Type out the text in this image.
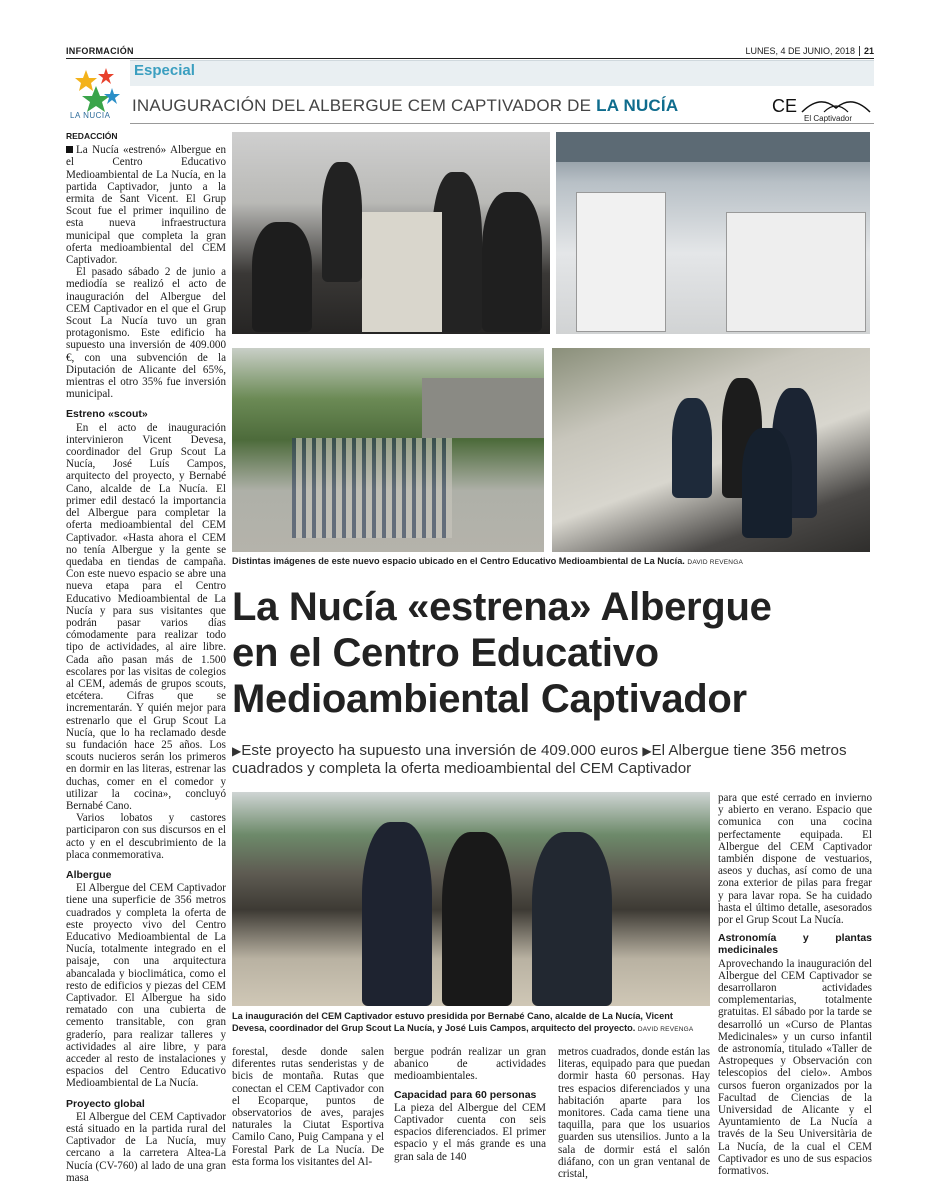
INFORMACIÓN	LUNES, 4 DE JUNIO, 2018	21
Especial
LA NUCIA
INAUGURACIÓN DEL ALBERGUE CEM CAPTIVADOR DE LA NUCÍA	CE
El Captivador
REDACCIÓN

La Nucía «estrenó» Albergue en el Centro Educativo Medioambiental de La Nucía, en la partida Captivador, junto a la ermita de Sant Vicent. El Grup Scout fue el primer inquilino de esta nueva infraestructura municipal que completa la gran oferta medioambiental del CEM Captivador.

El pasado sábado 2 de junio a mediodía se realizó el acto de inauguración del Albergue del CEM Captivador en el que el Grup Scout La Nucía tuvo un gran protagonismo. Este edificio ha supuesto una inversión de 409.000 €, con una subvención de la Diputación de Alicante del 65%, mientras el otro 35% fue inversión municipal.

Estreno «scout»

En el acto de inauguración intervinieron Vicent Devesa, coordinador del Grup Scout La Nucía, José Luís Campos, arquitecto del proyecto, y Bernabé Cano, alcalde de La Nucía. El primer edil destacó la importancia del Albergue para completar la oferta medioambiental del CEM Captivador. «Hasta ahora el CEM no tenía Albergue y la gente se quedaba en tiendas de campaña. Con este nuevo espacio se abre una nueva etapa para el Centro Educativo Medioambiental de La Nucía y para sus visitantes que podrán pasar varios días cómodamente para realizar todo tipo de actividades, al aire libre. Cada año pasan más de 1.500 escolares por las visitas de colegios al CEM, además de grupos scouts, etcétera. Cifras que se incrementarán. Y quién mejor para estrenarlo que el Grup Scout La Nucía, que lo ha reclamado desde su fundación hace 25 años. Los scouts nucieros serán los primeros en dormir en las literas, estrenar las duchas, comer en el comedor y utilizar la cocina», concluyó Bernabé Cano.

Varios lobatos y castores participaron con sus discursos en el acto y en el descubrimiento de la placa conmemorativa.

Albergue

El Albergue del CEM Captivador tiene una superficie de 356 metros cuadrados y completa la oferta de este proyecto vivo del Centro Educativo Medioambiental de La Nucía, totalmente integrado en el paisaje, con una arquitectura abancalada y bioclimática, como el resto de edificios y piezas del CEM Captivador. El Albergue ha sido rematado con una cubierta de cemento transitable, con gran graderío, para realizar talleres y actividades al aire libre, y para acceder al resto de instalaciones y espacios del Centro Educativo Medioambiental de La Nucía.

Proyecto global

El Albergue del CEM Captivador está situado en la partida rural del Captivador de La Nucía, muy cercano a la carretera Altea-La Nucía (CV-760) al lado de una gran masa

Distintas imágenes de este nuevo espacio ubicado en el Centro Educativo Medioambiental de La Nucía. DAVID REVENGA
La Nucía «estrena» Albergue
en el Centro Educativo
Medioambiental Captivador
▶Este proyecto ha supuesto una inversión de 409.000 euros ▶El Albergue tiene 356 metros cuadrados y completa la oferta medioambiental del CEM Captivador
La inauguración del CEM Captivador estuvo presidida por Bernabé Cano, alcalde de La Nucía, Vicent Devesa, coordinador del Grup Scout La Nucía, y José Luis Campos, arquitecto del proyecto. DAVID REVENGA

para que esté cerrado en invierno y abierto en verano. Espacio que comunica con una cocina perfectamente equipada. El Albergue del CEM Captivador también dispone de vestuarios, aseos y duchas, así como de una zona exterior de pilas para fregar y para lavar ropa. Se ha cuidado hasta el último detalle, asesorados por el Grup Scout La Nucía.

Astronomía y plantas medicinales

Aprovechando la inauguración del Albergue del CEM Captivador se desarrollaron actividades complementarias, totalmente gratuitas. El sábado por la tarde se desarrolló un «Curso de Plantas Medicinales» y un curso infantil de astronomía, titulado «Taller de Astropeques y Observación con telescopios del cielo». Ambos cursos fueron organizados por la Facultad de Ciencias de la Universidad de Alicante y el Ayuntamiento de La Nucía a través de la Seu Universitària de La Nucía, de la cual el CEM Captivador es uno de sus espacios formativos.

forestal, desde donde salen diferentes rutas senderistas y de bicis de montaña. Rutas que conectan el CEM Captivador con el Ecoparque, puntos de observatorios de aves, parajes naturales la Ciutat Esportiva Camilo Cano, Puig Campana y el Forestal Park de La Nucía. De esta forma los visitantes del Al-

bergue podrán realizar un gran abanico de actividades medioambientales.

Capacidad para 60 personas

La pieza del Albergue del CEM Captivador cuenta con seis espacios diferenciados. El primer espacio y el más grande es una gran sala de 140

metros cuadrados, donde están las literas, equipado para que puedan dormir hasta 60 personas. Hay tres espacios diferenciados y una habitación aparte para los monitores. Cada cama tiene una taquilla, para que los usuarios guarden sus utensilios. Junto a la sala de dormir está el salón diáfano, con un gran ventanal de cristal,
